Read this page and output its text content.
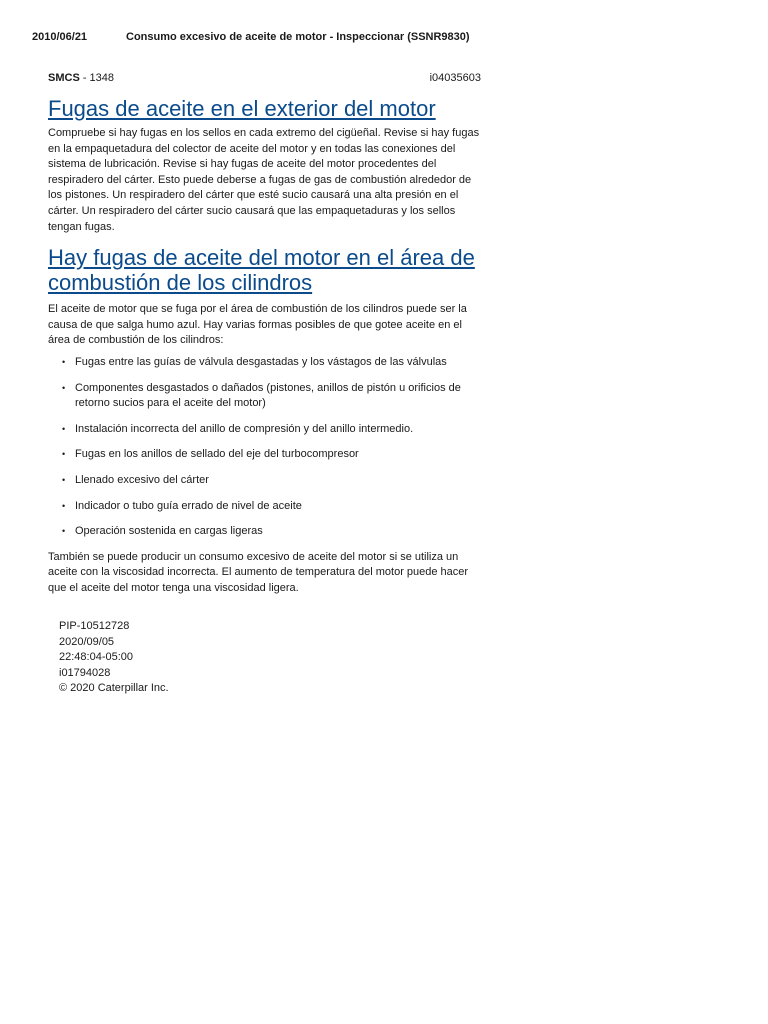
2010/06/21	Consumo excesivo de aceite de motor - Inspeccionar (SSNR9830)
SMCS - 1348	i04035603
Fugas de aceite en el exterior del motor

Compruebe si hay fugas en los sellos en cada extremo del cigüeñal. Revise si hay fugas en la empaquetadura del colector de aceite del motor y en todas las conexiones del sistema de lubricación. Revise si hay fugas de aceite del motor procedentes del respiradero del cárter. Esto puede deberse a fugas de gas de combustión alrededor de los pistones. Un respiradero del cárter que esté sucio causará una alta presión en el cárter. Un respiradero del cárter sucio causará que las empaquetaduras y los sellos tengan fugas.

Hay fugas de aceite del motor en el área de combustión de los cilindros

El aceite de motor que se fuga por el área de combustión de los cilindros puede ser la causa de que salga humo azul. Hay varias formas posibles de que gotee aceite en el área de combustión de los cilindros:

• Fugas entre las guías de válvula desgastadas y los vástagos de las válvulas
• Componentes desgastados o dañados (pistones, anillos de pistón u orificios de retorno sucios para el aceite del motor)
• Instalación incorrecta del anillo de compresión y del anillo intermedio.
• Fugas en los anillos de sellado del eje del turbocompresor
• Llenado excesivo del cárter
• Indicador o tubo guía errado de nivel de aceite
• Operación sostenida en cargas ligeras

También se puede producir un consumo excesivo de aceite del motor si se utiliza un aceite con la viscosidad incorrecta. El aumento de temperatura del motor puede hacer que el aceite del motor tenga una viscosidad ligera.

PIP-10512728
2020/09/05
22:48:04-05:00
i01794028
© 2020 Caterpillar Inc.
